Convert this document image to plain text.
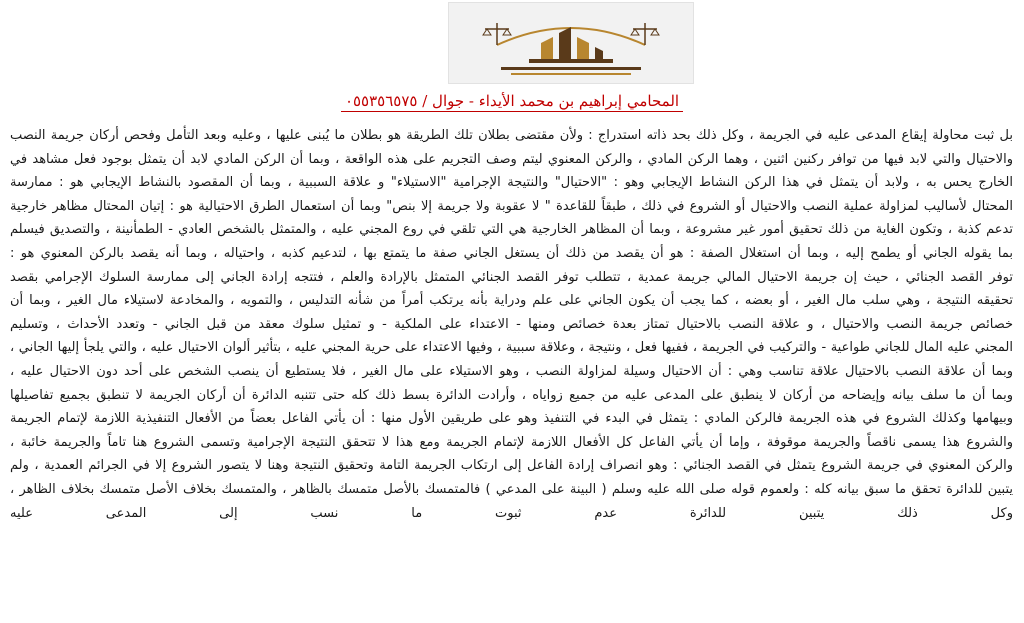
المحامي إبراهيم بن محمد الأيداء - جوال / ٠٥٥٣٥٦٥٧٥
بل ثبت محاولة إيقاع المدعى عليه في الجريمة ، وكل ذلك بحد ذاته استدراج : ولأن مقتضى بطلان تلك الطريقة هو بطلان ما يُبنى عليها ، وعليه وبعد التأمل وفحص أركان جريمة النصب
والاحتيال والتي لابد فيها من توافر ركنين اثنين ، وهما الركن المادي ، والركن المعنوي ليتم وصف التجريم على هذه الواقعة ، وبما أن الركن المادي لابد أن يتمثل بوجود فعل مشاهد في
الخارج يحس به ، ولابد أن يتمثل في هذا الركن النشاط الإيجابي وهو : "الاحتيال" والنتيجة الإجرامية "الاستيلاء" و علاقة السببية ، وبما أن المقصود بالنشاط الإيجابي هو : ممارسة
المحتال لأساليب لمزاولة عملية النصب والاحتيال أو الشروع في ذلك ، طبقاً للقاعدة " لا عقوبة ولا جريمة إلا بنص" وبما أن استعمال الطرق الاحتيالية هو : إتيان المحتال مظاهر خارجية
تدعم كذبة ، وتكون الغاية من ذلك تحقيق أمور غير مشروعة ، وبما أن المظاهر الخارجية هي التي تلقي في روع المجني عليه ، والمتمثل بالشخص العادي - الطمأنينة ، والتصديق فيسلم
بما يقوله الجاني أو يطمح إليه ، وبما أن استغلال الصفة : هو أن يقصد من ذلك أن يستغل الجاني صفة ما يتمتع بها ، لتدعيم كذبه ، واحتياله ، وبما أنه يقصد بالركن المعنوي هو :
توفر القصد الجنائي ، حيث إن جريمة الاحتيال المالي جريمة عمدية ، تتطلب توفر القصد الجنائي المتمثل بالإرادة والعلم ، فتتجه إرادة الجاني إلى ممارسة السلوك الإجرامي بقصد
تحقيقه النتيجة ، وهي سلب مال الغير ، أو بعضه ، كما يجب أن يكون الجاني على علم ودراية بأنه يرتكب أمراً من شأنه التدليس ، والتمويه ، والمخادعة لاستيلاء مال الغير ، وبما أن
خصائص جريمة النصب والاحتيال ، و علاقة النصب بالاحتيال تمتاز بعدة خصائص ومنها - الاعتداء على الملكية - و تمثيل سلوك معقد من قبل الجاني - وتعدد الأحداث ، وتسليم
المجني عليه المال للجاني طواعية - والتركيب في الجريمة ، ففيها فعل ، ونتيجة ، وعلاقة سببية ، وفيها الاعتداء على حرية المجني عليه ، بتأثير ألوان الاحتيال عليه ، والتي يلجأ إليها الجاني ،
وبما أن علاقة النصب بالاحتيال علاقة تناسب وهي : أن الاحتيال وسيلة لمزاولة النصب ، وهو الاستيلاء على مال الغير ، فلا يستطيع أن ينصب الشخص على أحد دون الاحتيال عليه ،
وبما أن ما سلف بيانه وإيضاحه من أركان لا ينطبق على المدعى عليه من جميع زواياه ، وأرادت الدائرة بسط ذلك كله حتى تتنبه الدائرة أن أركان الجريمة لا تنطبق بجميع تفاصيلها
وبيهامها وكذلك الشروع في هذه الجريمة فالركن المادي : يتمثل في البدء في التنفيذ وهو على طريقين الأول منها : أن يأتي الفاعل بعضاً من الأفعال التنفيذية اللازمة لإتمام الجريمة
والشروع هذا يسمى ناقصاً والجريمة موقوفة ، وإما أن يأتي الفاعل كل الأفعال اللازمة لإتمام الجريمة ومع هذا لا تتحقق النتيجة الإجرامية وتسمى الشروع هنا تاماً والجريمة خائبة ،
والركن المعنوي في جريمة الشروع يتمثل في القصد الجنائي : وهو انصراف إرادة الفاعل إلى ارتكاب الجريمة التامة وتحقيق النتيجة وهنا لا يتصور الشروع إلا في الجرائم العمدية ، ولم
يتبين للدائرة تحقق ما سبق بيانه كله : ولعموم قوله صلى الله عليه وسلم ( البينة على المدعي ) فالمتمسك بالأصل متمسك بالظاهر ، والمتمسك بخلاف الأصل متمسك بخلاف الظاهر ،
وكل ذلك يتبين للدائرة عدم ثبوت ما نسب إلى المدعى عليه
